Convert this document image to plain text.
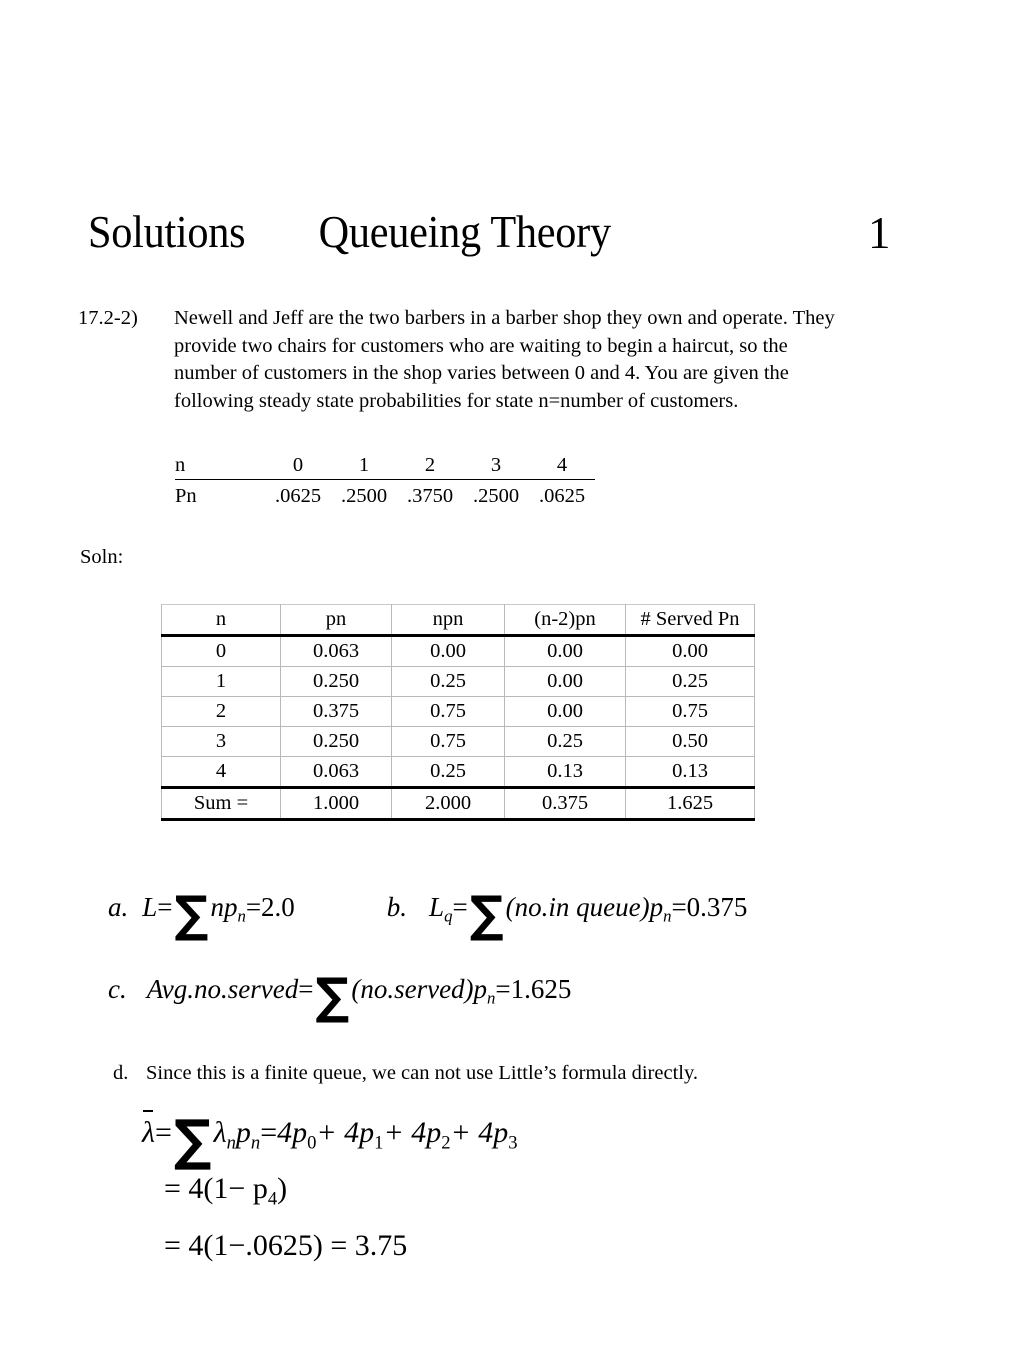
Solutions Queueing Theory	1
17.2-2) Newell and Jeff are the two barbers in a barber shop they own and operate. They
provide two chairs for customers who are waiting to begin a haircut, so the
number of customers in the shop varies between 0 and 4. You are given the
following steady state probabilities for state n=number of customers.
n	0	1	2	3	4
Pn	.0625	.2500	.3750	.2500	.0625
Soln:
n	pn	npn	(n-2)pn	# Served Pn

0	0.063	0.00	0.00	0.00
1	0.250	0.25	0.00	0.25
2	0.375	0.75	0.00	0.75
3	0.250	0.75	0.25	0.50
4	0.063	0.25	0.13	0.13
Sum =	1.000	2.000	0.375	1.625
a. $L=\sum np_n=2.0$	b. $L_q=\sum(no.in$ $queue)p_n=0.375$
c. $Avg.no.served=\sum(no.served)p_n=1.625$
d. Since this is a finite queue, we can not use Little’s formula directly.
$\lambda=\sum\lambda_np_n=4p_0+ 4p_1+ 4p_2+ 4p_3$
= $4(1- p_4)$
= 4(1−.0625) = 3.75
